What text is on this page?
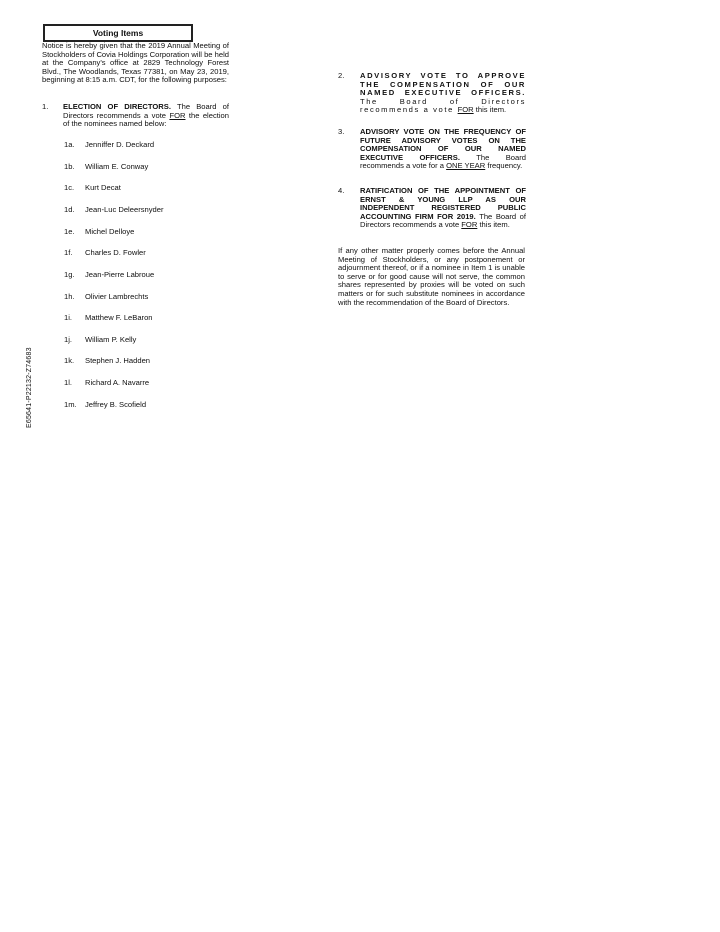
Voting Items
Notice is hereby given that the 2019 Annual Meeting of Stockholders of Covia Holdings Corporation will be held at the Company's office at 2829 Technology Forest Blvd., The Woodlands, Texas 77381, on May 23, 2019, beginning at 8:15 a.m. CDT, for the following purposes:
1. ELECTION OF DIRECTORS. The Board of Directors recommends a vote FOR the election of the nominees named below:
1a. Jenniffer D. Deckard
1b. William E. Conway
1c. Kurt Decat
1d. Jean-Luc Deleersnyder
1e. Michel Delloye
1f. Charles D. Fowler
1g. Jean-Pierre Labroue
1h. Olivier Lambrechts
1i. Matthew F. LeBaron
1j. William P. Kelly
1k. Stephen J. Hadden
1l. Richard A. Navarre
1m. Jeffrey B. Scofield
2. ADVISORY VOTE TO APPROVE THE COMPENSATION OF OUR NAMED EXECUTIVE OFFICERS. The Board of Directors recommends a vote FOR this item.
3. ADVISORY VOTE ON THE FREQUENCY OF FUTURE ADVISORY VOTES ON THE COMPENSATION OF OUR NAMED EXECUTIVE OFFICERS. The Board recommends a vote for a ONE YEAR frequency.
4. RATIFICATION OF THE APPOINTMENT OF ERNST & YOUNG LLP AS OUR INDEPENDENT REGISTERED PUBLIC ACCOUNTING FIRM FOR 2019. The Board of Directors recommends a vote FOR this item.
If any other matter properly comes before the Annual Meeting of Stockholders, or any postponement or adjournment thereof, or if a nominee in Item 1 is unable to serve or for good cause will not serve, the common shares represented by proxies will be voted on such matters or for such substitute nominees in accordance with the recommendation of the Board of Directors.
E65641-P22132-Z74683
